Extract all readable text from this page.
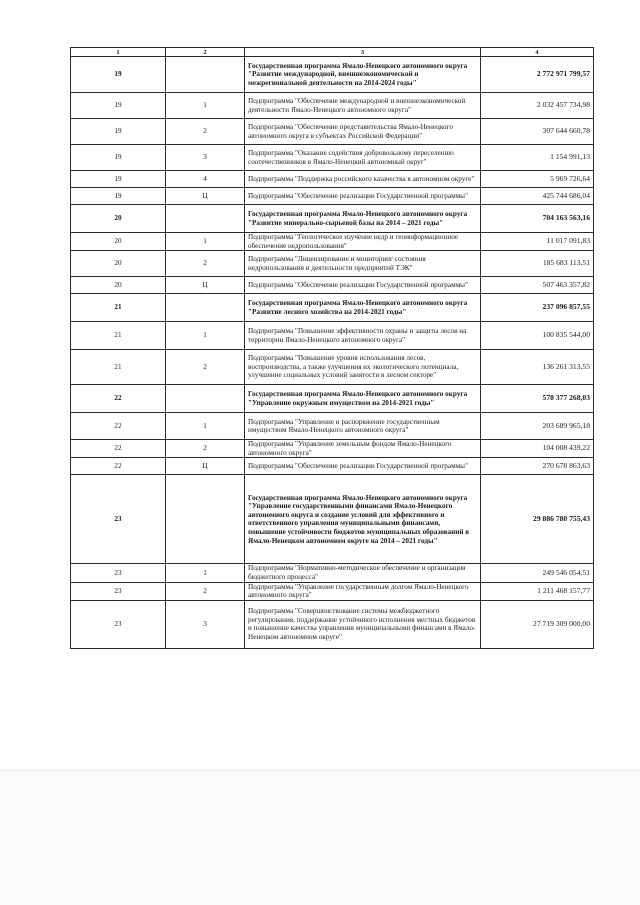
1	2	3	4
19		Государственная программа Ямало-Ненецкого автономного округа "Развитие международной, внешнеэкономической и межрегиональной деятельности на 2014-2024 годы"	2 772 971 799,57
19	1	Подпрограмма "Обеспечение международной и внешнеэкономической деятельности Ямало-Ненецкого автономного округа"	2 032 457 734,98
19	2	Подпрограмма "Обеспечение представительства Ямало-Ненецкого автономного округа в субъектах Российской Федерации"	307 644 660,78
19	3	Подпрограмма "Оказание содействия добровольному переселению соотечественников в Ямало-Ненецкий автономный округ"	1 154 991,13
19	4	Подпрограмма "Поддержка российского казачества в автономном округе"	5 969 726,64
19	Ц	Подпрограмма "Обеспечение реализации Государственной программы"	425 744 686,04
20		Государственная программа Ямало-Ненецкого автономного округа "Развитие минерально-сырьевой базы на 2014 – 2021 годы"	704 163 563,16
20	1	Подпрограмма "Геологическое изучение недр и геоинформационное обеспечение недропользования"	11 017 091,83
20	2	Подпрограмма "Лицензирование и мониторинг состояния недропользования и деятельности предприятий ТЭК"	185 683 113,51
20	Ц	Подпрограмма "Обеспечение реализации Государственной программы"	507 463 357,82
21		Государственная программа Ямало-Ненецкого автономного округа "Развитие лесного хозяйства на 2014-2021 годы"	237 096 857,55
21	1	Подпрограмма "Повышение эффективности охраны и защиты лесов на территории Ямало-Ненецкого автономного округа"	100 835 544,00
21	2	Подпрограмма "Повышение уровня использования лесов, воспроизводства, а также улучшения их экологического потенциала, улучшение социальных условий занятости в лесном секторе"	136 261 313,55
22		Государственная программа Ямало-Ненецкого автономного округа "Управление окружным имуществом на 2014-2021 годы"	578 377 268,03
22	1	Подпрограмма "Управление и распоряжение государственным имуществом Ямало-Ненецкого автономного округа"	203 689 965,18
22	2	Подпрограмма "Управление земельным фондом Ямало-Ненецкого автономного округа"	104 008 439,22
22	Ц	Подпрограмма "Обеспечение реализации Государственной программы"	270 678 863,63
23		Государственная программа Ямало-Ненецкого автономного округа "Управление государственными финансами Ямало-Ненецкого автономного округа и создание условий для эффективного и ответственного управления муниципальными финансами, повышение устойчивости бюджетов муниципальных образований в Ямало-Ненецком автономном округе на 2014 – 2021 годы"	29 886 780 755,43
23	1	Подпрограмма "Нормативно-методическое обеспечение и организация бюджетного процесса"	249 546 054,51
23	2	Подпрограмма "Управление государственным долгом Ямало-Ненецкого автономного округа"	1 211 468 157,77
23	3	Подпрограмма "Совершенствование системы межбюджетного регулирования, поддержание устойчивого исполнения местных бюджетов и повышение качества управления муниципальными финансами в Ямало-Ненецком автономном округе"	27 719 309 000,00
